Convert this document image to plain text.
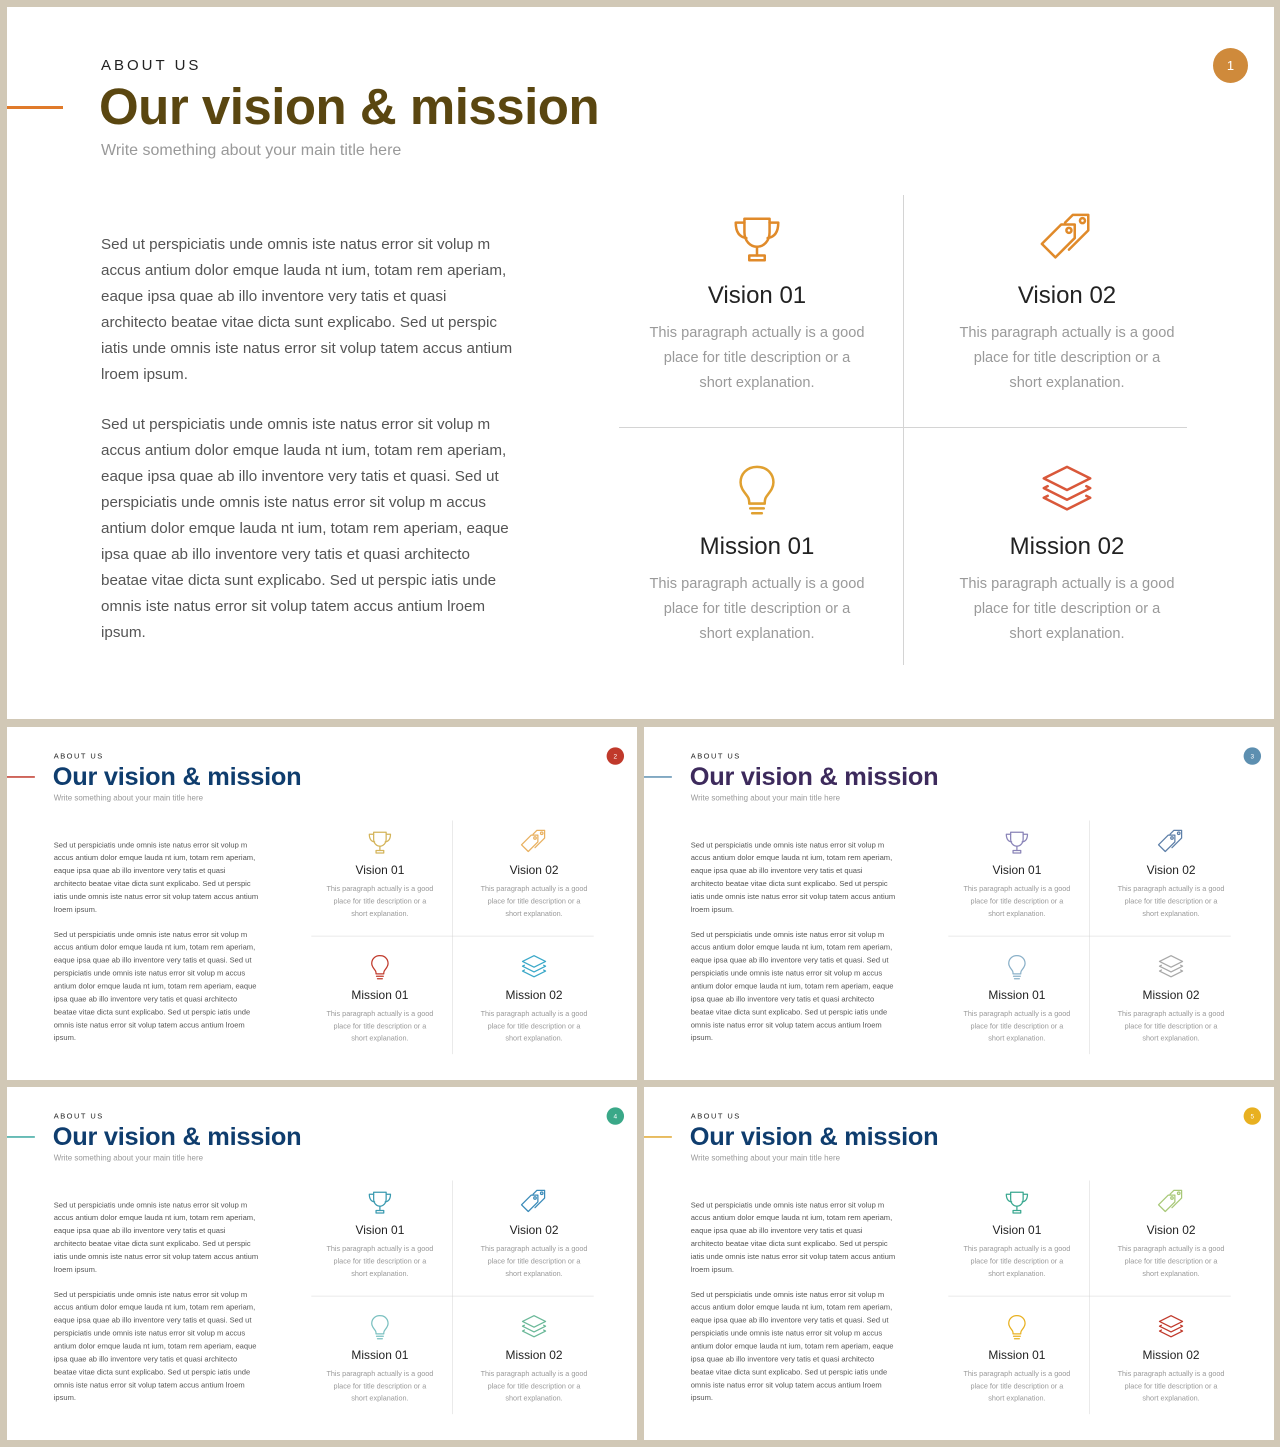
ABOUT US
Our vision & mission
Write something about your main title here
1
Sed ut perspiciatis unde omnis iste natus error sit volup m accus antium dolor emque lauda nt ium, totam rem aperiam, eaque ipsa quae ab illo inventore very tatis et quasi architecto beatae vitae dicta sunt explicabo. Sed ut perspic iatis unde omnis iste natus error sit volup tatem accus antium lroem ipsum.
Sed ut perspiciatis unde omnis iste natus error sit volup m accus antium dolor emque lauda nt ium, totam rem aperiam, eaque ipsa quae ab illo inventore very tatis et quasi. Sed ut perspiciatis unde omnis iste natus error sit volup m accus antium dolor emque lauda nt ium, totam rem aperiam, eaque ipsa quae ab illo inventore very tatis et quasi architecto beatae vitae dicta sunt explicabo. Sed ut perspic iatis unde omnis iste natus error sit volup tatem accus antium lroem ipsum.
Vision 01
This paragraph actually is a good place for title description or a short explanation.
Vision 02
This paragraph actually is a good place for title description or a short explanation.
Mission 01
This paragraph actually is a good place for title description or a short explanation.
Mission 02
This paragraph actually is a good place for title description or a short explanation.
ABOUT US
Our vision & mission
Write something about your main title here
2
Sed ut perspiciatis unde omnis iste natus error sit volup m accus antium dolor emque lauda nt ium, totam rem aperiam, eaque ipsa quae ab illo inventore very tatis et quasi architecto beatae vitae dicta sunt explicabo. Sed ut perspic iatis unde omnis iste natus error sit volup tatem accus antium lroem ipsum.
Sed ut perspiciatis unde omnis iste natus error sit volup m accus antium dolor emque lauda nt ium, totam rem aperiam, eaque ipsa quae ab illo inventore very tatis et quasi. Sed ut perspiciatis unde omnis iste natus error sit volup m accus antium dolor emque lauda nt ium, totam rem aperiam, eaque ipsa quae ab illo inventore very tatis et quasi architecto beatae vitae dicta sunt explicabo. Sed ut perspic iatis unde omnis iste natus error sit volup tatem accus antium lroem ipsum.
Vision 01
This paragraph actually is a good place for title description or a short explanation.
Vision 02
This paragraph actually is a good place for title description or a short explanation.
Mission 01
This paragraph actually is a good place for title description or a short explanation.
Mission 02
This paragraph actually is a good place for title description or a short explanation.
ABOUT US
Our vision & mission
Write something about your main title here
3
Sed ut perspiciatis unde omnis iste natus error sit volup m accus antium dolor emque lauda nt ium, totam rem aperiam, eaque ipsa quae ab illo inventore very tatis et quasi architecto beatae vitae dicta sunt explicabo. Sed ut perspic iatis unde omnis iste natus error sit volup tatem accus antium lroem ipsum.
Sed ut perspiciatis unde omnis iste natus error sit volup m accus antium dolor emque lauda nt ium, totam rem aperiam, eaque ipsa quae ab illo inventore very tatis et quasi. Sed ut perspiciatis unde omnis iste natus error sit volup m accus antium dolor emque lauda nt ium, totam rem aperiam, eaque ipsa quae ab illo inventore very tatis et quasi architecto beatae vitae dicta sunt explicabo. Sed ut perspic iatis unde omnis iste natus error sit volup tatem accus antium lroem ipsum.
Vision 01
This paragraph actually is a good place for title description or a short explanation.
Vision 02
This paragraph actually is a good place for title description or a short explanation.
Mission 01
This paragraph actually is a good place for title description or a short explanation.
Mission 02
This paragraph actually is a good place for title description or a short explanation.
ABOUT US
Our vision & mission
Write something about your main title here
4
Sed ut perspiciatis unde omnis iste natus error sit volup m accus antium dolor emque lauda nt ium, totam rem aperiam, eaque ipsa quae ab illo inventore very tatis et quasi architecto beatae vitae dicta sunt explicabo. Sed ut perspic iatis unde omnis iste natus error sit volup tatem accus antium lroem ipsum.
Sed ut perspiciatis unde omnis iste natus error sit volup m accus antium dolor emque lauda nt ium, totam rem aperiam, eaque ipsa quae ab illo inventore very tatis et quasi. Sed ut perspiciatis unde omnis iste natus error sit volup m accus antium dolor emque lauda nt ium, totam rem aperiam, eaque ipsa quae ab illo inventore very tatis et quasi architecto beatae vitae dicta sunt explicabo. Sed ut perspic iatis unde omnis iste natus error sit volup tatem accus antium lroem ipsum.
Vision 01
This paragraph actually is a good place for title description or a short explanation.
Vision 02
This paragraph actually is a good place for title description or a short explanation.
Mission 01
This paragraph actually is a good place for title description or a short explanation.
Mission 02
This paragraph actually is a good place for title description or a short explanation.
ABOUT US
Our vision & mission
Write something about your main title here
5
Sed ut perspiciatis unde omnis iste natus error sit volup m accus antium dolor emque lauda nt ium, totam rem aperiam, eaque ipsa quae ab illo inventore very tatis et quasi architecto beatae vitae dicta sunt explicabo. Sed ut perspic iatis unde omnis iste natus error sit volup tatem accus antium lroem ipsum.
Sed ut perspiciatis unde omnis iste natus error sit volup m accus antium dolor emque lauda nt ium, totam rem aperiam, eaque ipsa quae ab illo inventore very tatis et quasi. Sed ut perspiciatis unde omnis iste natus error sit volup m accus antium dolor emque lauda nt ium, totam rem aperiam, eaque ipsa quae ab illo inventore very tatis et quasi architecto beatae vitae dicta sunt explicabo. Sed ut perspic iatis unde omnis iste natus error sit volup tatem accus antium lroem ipsum.
Vision 01
This paragraph actually is a good place for title description or a short explanation.
Vision 02
This paragraph actually is a good place for title description or a short explanation.
Mission 01
This paragraph actually is a good place for title description or a short explanation.
Mission 02
This paragraph actually is a good place for title description or a short explanation.
